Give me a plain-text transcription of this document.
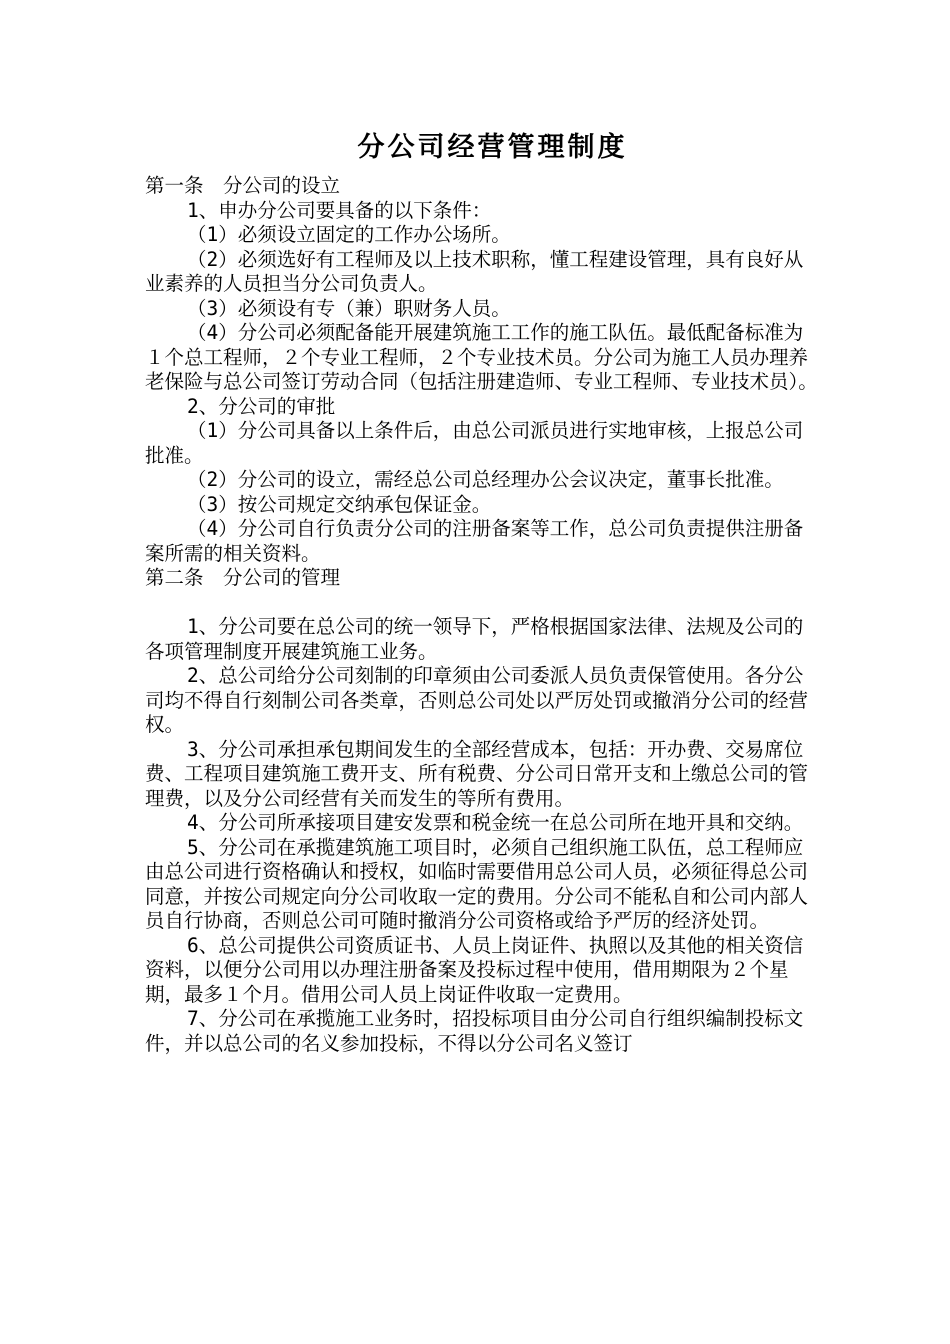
分公司经营管理制度
第一条　分公司的设立

1、申办分公司要具备的以下条件：

（1）必须设立固定的工作办公场所。

（2）必须选好有工程师及以上技术职称，懂工程建设管理，具有良好从业素养的人员担当分公司负责人。

（3）必须设有专（兼）职财务人员。

（4）分公司必须配备能开展建筑施工工作的施工队伍。最低配备标准为１个总工程师，２个专业工程师，２个专业技术员。分公司为施工人员办理养老保险与总公司签订劳动合同（包括注册建造师、专业工程师、专业技术员）。

2、分公司的审批

（1）分公司具备以上条件后，由总公司派员进行实地审核，上报总公司批准。

（2）分公司的设立，需经总公司总经理办公会议决定，董事长批准。

（3）按公司规定交纳承包保证金。

（4）分公司自行负责分公司的注册备案等工作，总公司负责提供注册备案所需的相关资料。

第二条　分公司的管理

1、分公司要在总公司的统一领导下，严格根据国家法律、法规及公司的各项管理制度开展建筑施工业务。

2、总公司给分公司刻制的印章须由公司委派人员负责保管使用。各分公司均不得自行刻制公司各类章，否则总公司处以严厉处罚或撤消分公司的经营权。

3、分公司承担承包期间发生的全部经营成本，包括：开办费、交易席位费、工程项目建筑施工费开支、所有税费、分公司日常开支和上缴总公司的管理费，以及分公司经营有关而发生的等所有费用。

4、分公司所承接项目建安发票和税金统一在总公司所在地开具和交纳。

5、分公司在承揽建筑施工项目时，必须自己组织施工队伍，总工程师应由总公司进行资格确认和授权，如临时需要借用总公司人员，必须征得总公司同意，并按公司规定向分公司收取一定的费用。分公司不能私自和公司内部人员自行协商，否则总公司可随时撤消分公司资格或给予严厉的经济处罚。

6、总公司提供公司资质证书、人员上岗证件、执照以及其他的相关资信资料，以便分公司用以办理注册备案及投标过程中使用，借用期限为２个星期，最多１个月。借用公司人员上岗证件收取一定费用。

7、分公司在承揽施工业务时，招投标项目由分公司自行组织编制投标文件，并以总公司的名义参加投标，不得以分公司名义签订
